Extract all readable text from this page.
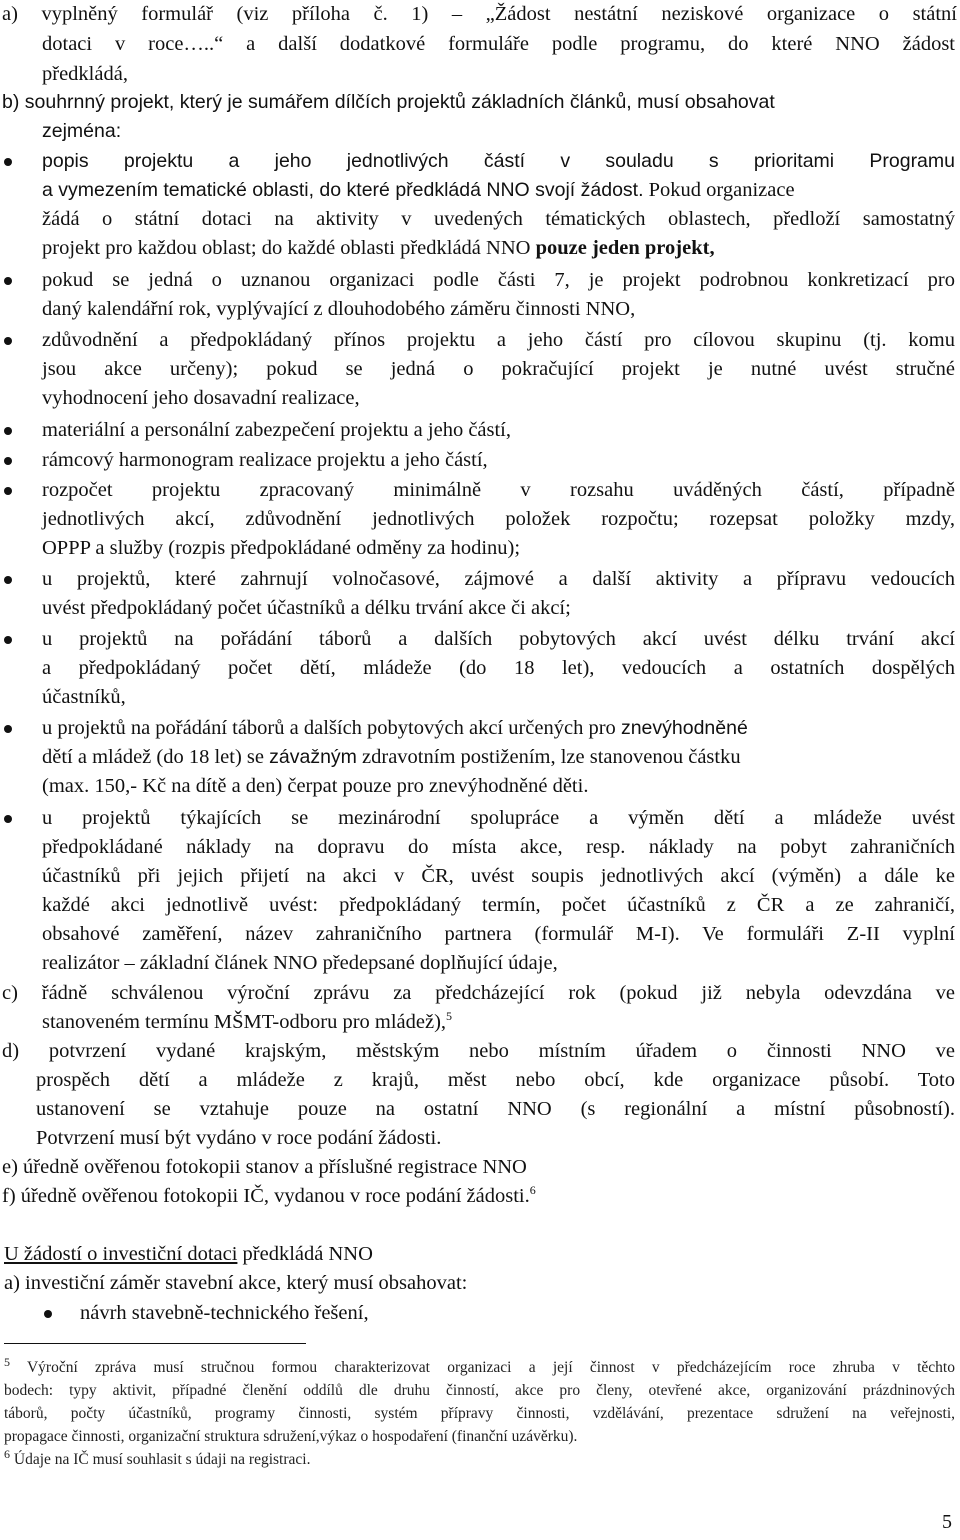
a) vyplněný formulář (viz příloha č. 1) – „Žádost nestátní neziskové organizace o státní
dotaci v roce…..“ a další dodatkové formuláře podle programu, do které NNO žádost
předkládá,
b) souhrnný projekt, který je sumářem dílčích projektů základních článků, musí obsahovat
zejména:
popis projektu a jeho jednotlivých částí v souladu s prioritami Programu
a vymezením tematické oblasti, do které předkládá NNO svojí žádost. Pokud organizace
žádá o státní dotaci na aktivity v uvedených tématických oblastech, předloží samostatný
projekt pro každou oblast; do každé oblasti předkládá NNO pouze jeden projekt,
pokud se jedná o uznanou organizaci podle části 7, je projekt podrobnou konkretizací pro
daný kalendářní rok, vyplývající z dlouhodobého záměru činnosti NNO,
zdůvodnění a předpokládaný přínos projektu a jeho částí pro cílovou skupinu (tj. komu
jsou akce určeny); pokud se jedná o pokračující projekt je nutné uvést stručné
vyhodnocení jeho dosavadní realizace,
materiální a personální zabezpečení projektu a jeho částí,
rámcový harmonogram realizace projektu a jeho částí,
rozpočet projektu zpracovaný minimálně v rozsahu uváděných částí, případně
jednotlivých akcí, zdůvodnění jednotlivých položek rozpočtu; rozepsat položky mzdy,
OPPP a služby (rozpis předpokládané odměny za hodinu);
u projektů, které zahrnují volnočasové, zájmové a další aktivity a přípravu vedoucích
uvést předpokládaný počet účastníků a délku trvání akce či akcí;
u projektů na pořádání táborů a dalších pobytových akcí uvést délku trvání akcí
a předpokládaný počet dětí, mládeže (do 18 let), vedoucích a ostatních dospělých
účastníků,
u projektů na pořádání táborů a dalších pobytových akcí určených pro znevýhodněné
dětí a mládež (do 18 let) se závažným zdravotním postižením, lze stanovenou částku
(max. 150,- Kč na dítě a den) čerpat pouze pro znevýhodněné děti.
u projektů týkajících se mezinárodní spolupráce a výměn dětí a mládeže uvést
předpokládané náklady na dopravu do místa akce, resp. náklady na pobyt zahraničních
účastníků při jejich přijetí na akci v ČR, uvést soupis jednotlivých akcí (výměn) a dále ke
každé akci jednotlivě uvést: předpokládaný termín, počet účastníků z ČR a ze zahraničí,
obsahové zaměření, název zahraničního partnera (formulář M-I). Ve formuláři Z-II vyplní
realizátor – základní článek NNO předepsané doplňující údaje,
c) řádně schválenou výroční zprávu za předcházející rok (pokud již nebyla odevzdána ve
stanoveném termínu MŠMT-odboru pro mládež),$^5$
d) potvrzení vydané krajským, městským nebo místním úřadem o činnosti NNO ve
prospěch dětí a mládeže z krajů, měst nebo obcí, kde organizace působí. Toto
ustanovení se vztahuje pouze na ostatní NNO (s regionální a místní působností).
Potvrzení musí být vydáno v roce podání žádosti.
e) úředně ověřenou fotokopii stanov a příslušné registrace NNO
f) úředně ověřenou fotokopii IČ, vydanou v roce podání žádosti.$^6$
U žádostí o investiční dotaci předkládá NNO
a) investiční záměr stavební akce, který musí obsahovat:
návrh stavebně-technického řešení,
$^5$ Výroční zpráva musí stručnou formou charakterizovat organizaci a její činnost v předcházejícím roce zhruba v těchto
bodech: typy aktivit, případné členění oddílů dle druhu činností, akce pro členy, otevřené akce, organizování prázdninových
táborů, počty účastníků, programy činnosti, systém přípravy činnosti, vzdělávání, prezentace sdružení na veřejnosti,
propagace činnosti, organizační struktura sdružení,výkaz o hospodaření (finanční uzávěrku).
$^6$ Údaje na IČ musí souhlasit s údaji na registraci.
5
